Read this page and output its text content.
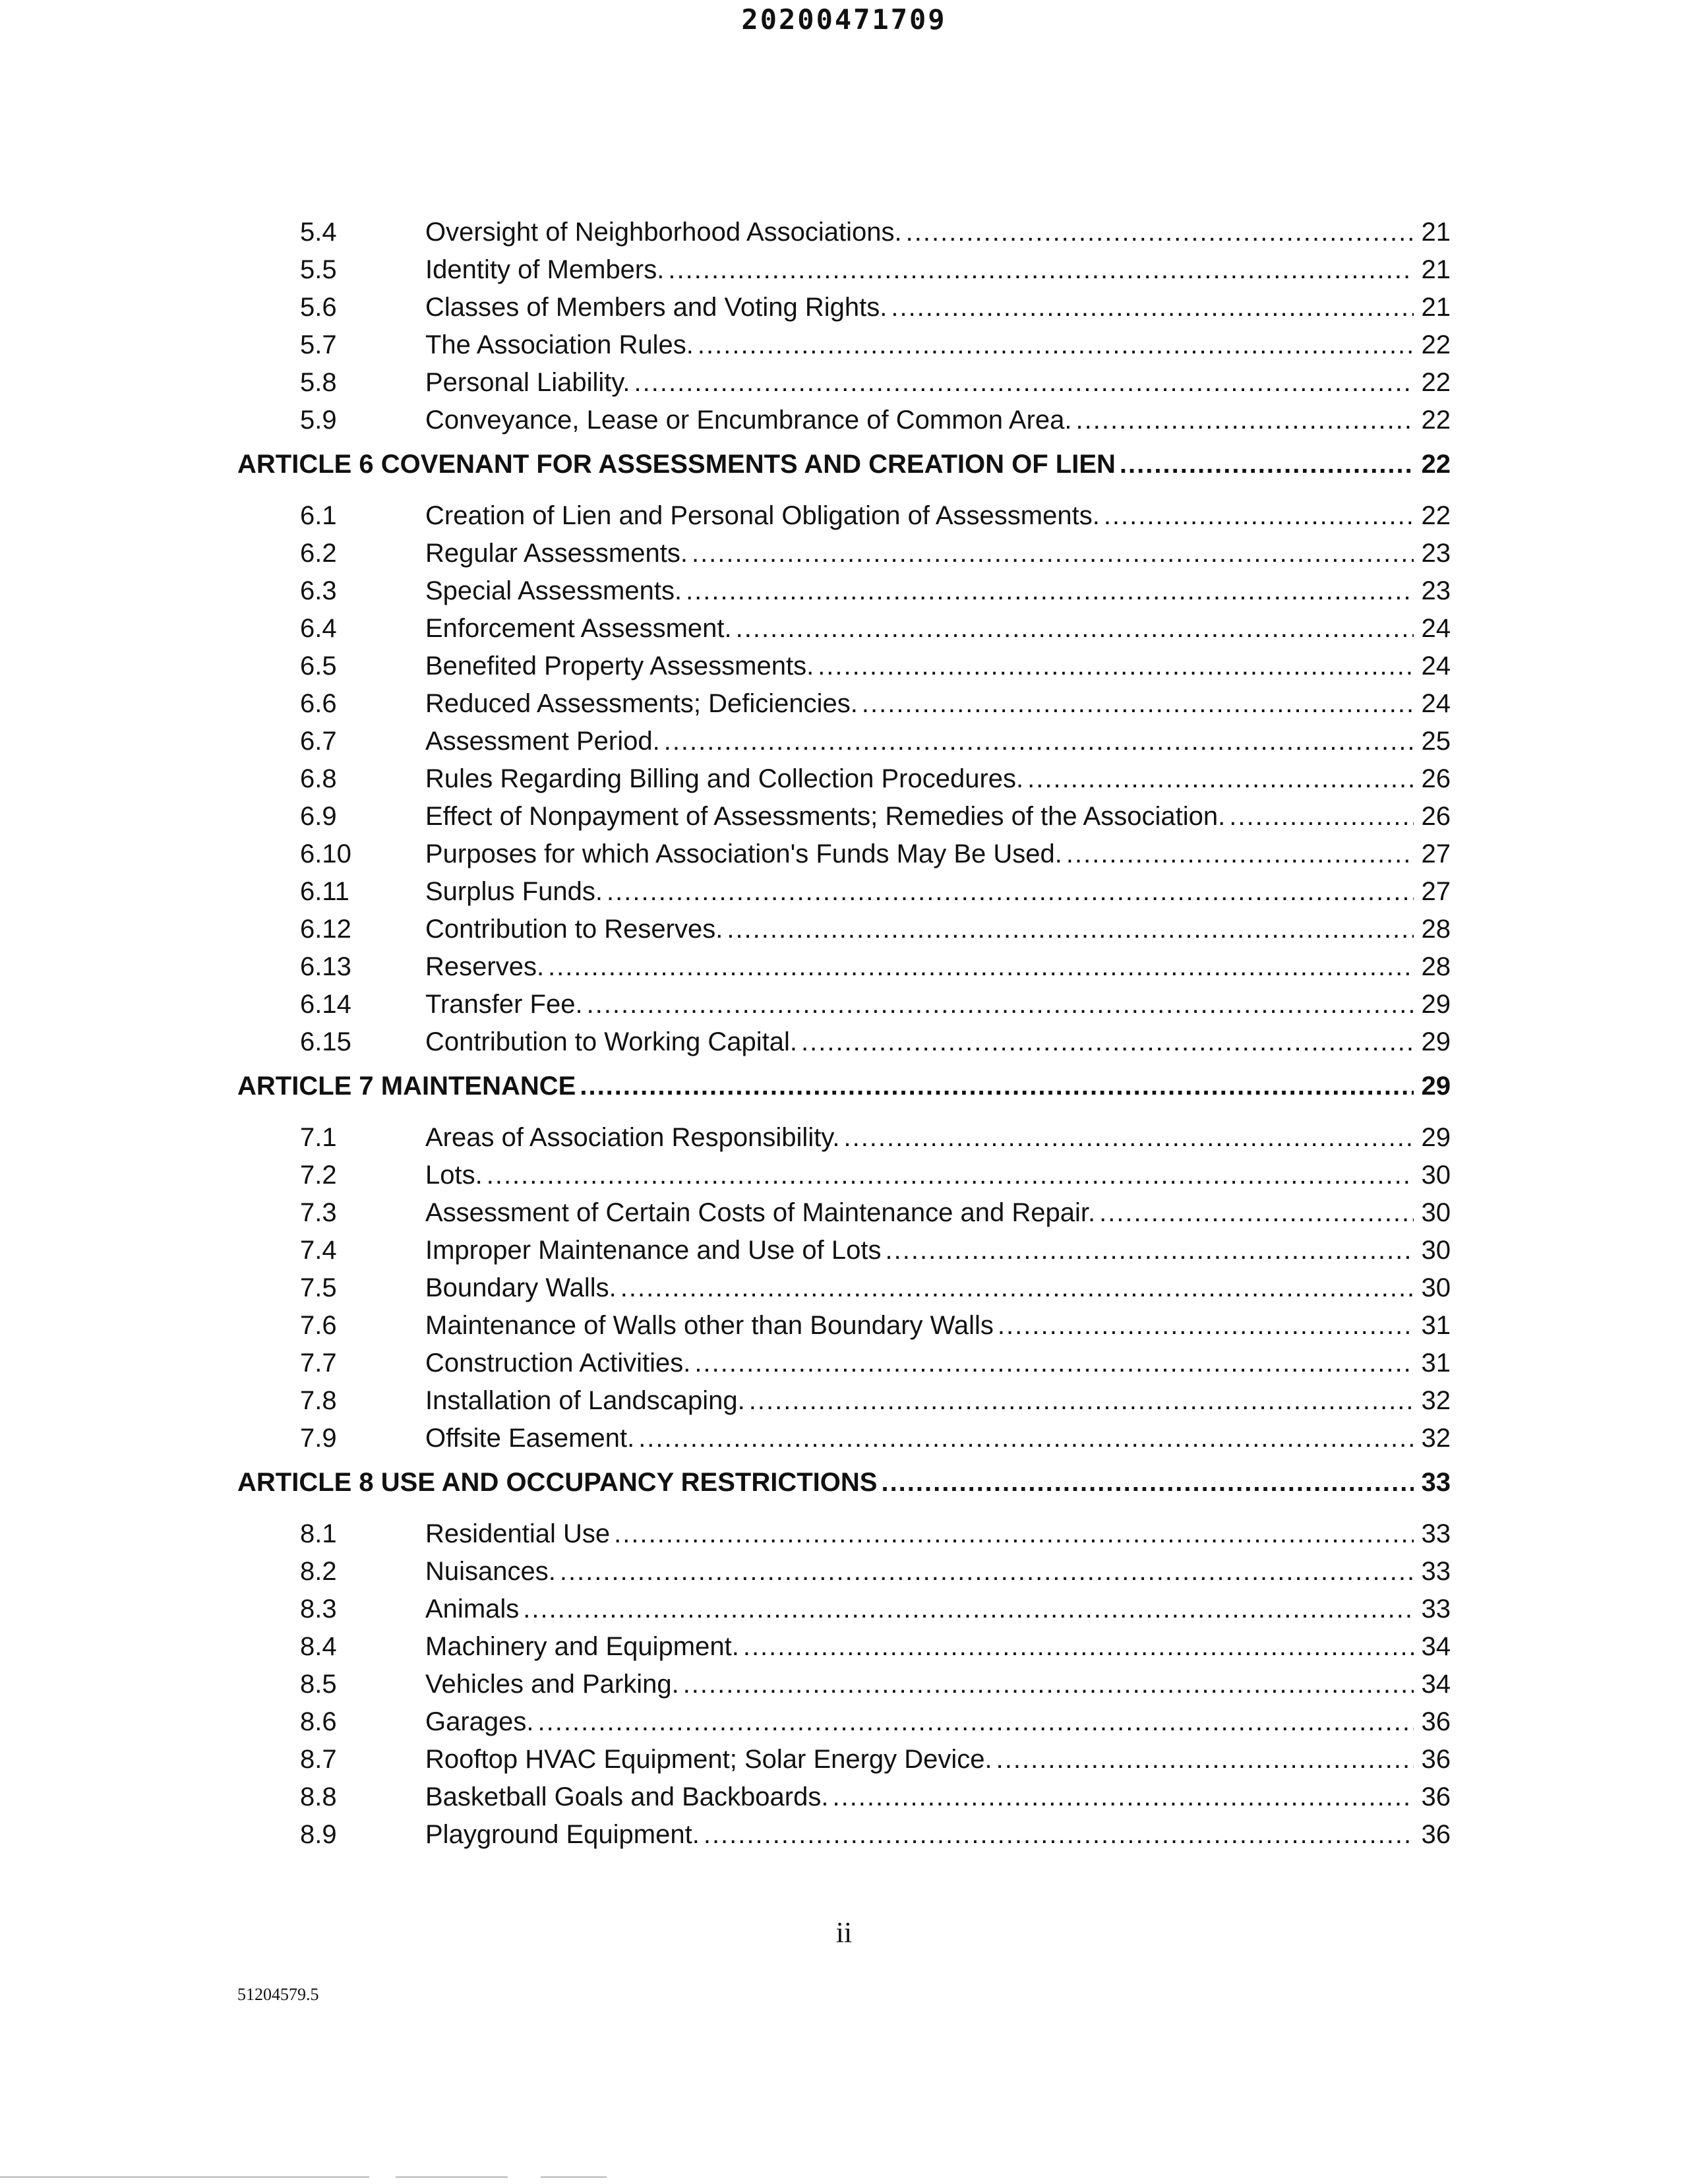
20200471709
5.4	Oversight of Neighborhood Associations. .....	21
5.5	Identity of Members. .....	21
5.6	Classes of Members and Voting Rights. .....	21
5.7	The Association Rules. .....	22
5.8	Personal Liability. .....	22
5.9	Conveyance, Lease or Encumbrance of Common Area. .....	22
ARTICLE 6 COVENANT FOR ASSESSMENTS AND CREATION OF LIEN .....	22
6.1	Creation of Lien and Personal Obligation of Assessments. .....	22
6.2	Regular Assessments. .....	23
6.3	Special Assessments. .....	23
6.4	Enforcement Assessment. .....	24
6.5	Benefited Property Assessments. .....	24
6.6	Reduced Assessments; Deficiencies. .....	24
6.7	Assessment Period. .....	25
6.8	Rules Regarding Billing and Collection Procedures. .....	26
6.9	Effect of Nonpayment of Assessments; Remedies of the Association. .....	26
6.10	Purposes for which Association's Funds May Be Used. .....	27
6.11	Surplus Funds. .....	27
6.12	Contribution to Reserves. .....	28
6.13	Reserves. .....	28
6.14	Transfer Fee. .....	29
6.15	Contribution to Working Capital. .....	29
ARTICLE 7 MAINTENANCE .....	29
7.1	Areas of Association Responsibility. .....	29
7.2	Lots. .....	30
7.3	Assessment of Certain Costs of Maintenance and Repair. .....	30
7.4	Improper Maintenance and Use of Lots .....	30
7.5	Boundary Walls. .....	30
7.6	Maintenance of Walls other than Boundary Walls .....	31
7.7	Construction Activities. .....	31
7.8	Installation of Landscaping. .....	32
7.9	Offsite Easement. .....	32
ARTICLE 8 USE AND OCCUPANCY RESTRICTIONS .....	33
8.1	Residential Use .....	33
8.2	Nuisances. .....	33
8.3	Animals .....	33
8.4	Machinery and Equipment. .....	34
8.5	Vehicles and Parking. .....	34
8.6	Garages. .....	36
8.7	Rooftop HVAC Equipment; Solar Energy Device. .....	36
8.8	Basketball Goals and Backboards. .....	36
8.9	Playground Equipment. .....	36
ii
51204579.5
